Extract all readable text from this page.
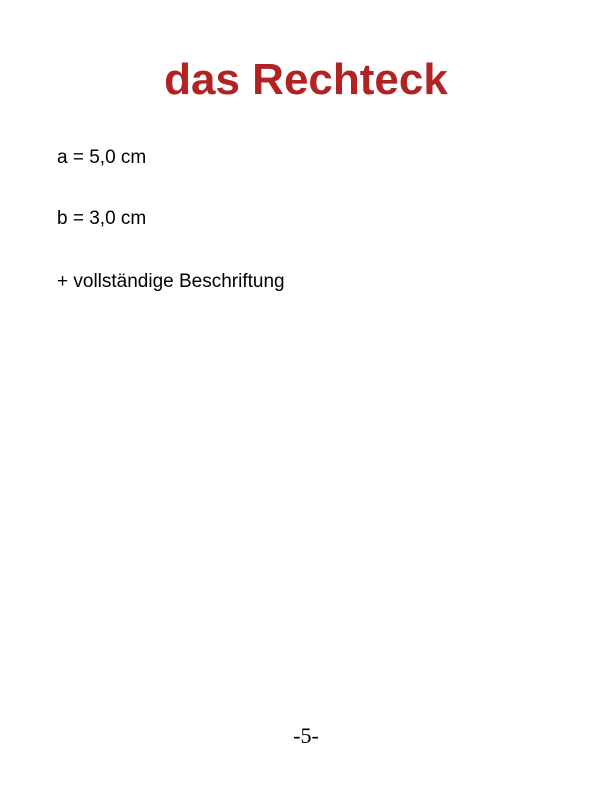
das Rechteck
a = 5,0 cm
b = 3,0 cm
+ vollständige Beschriftung
-5-
